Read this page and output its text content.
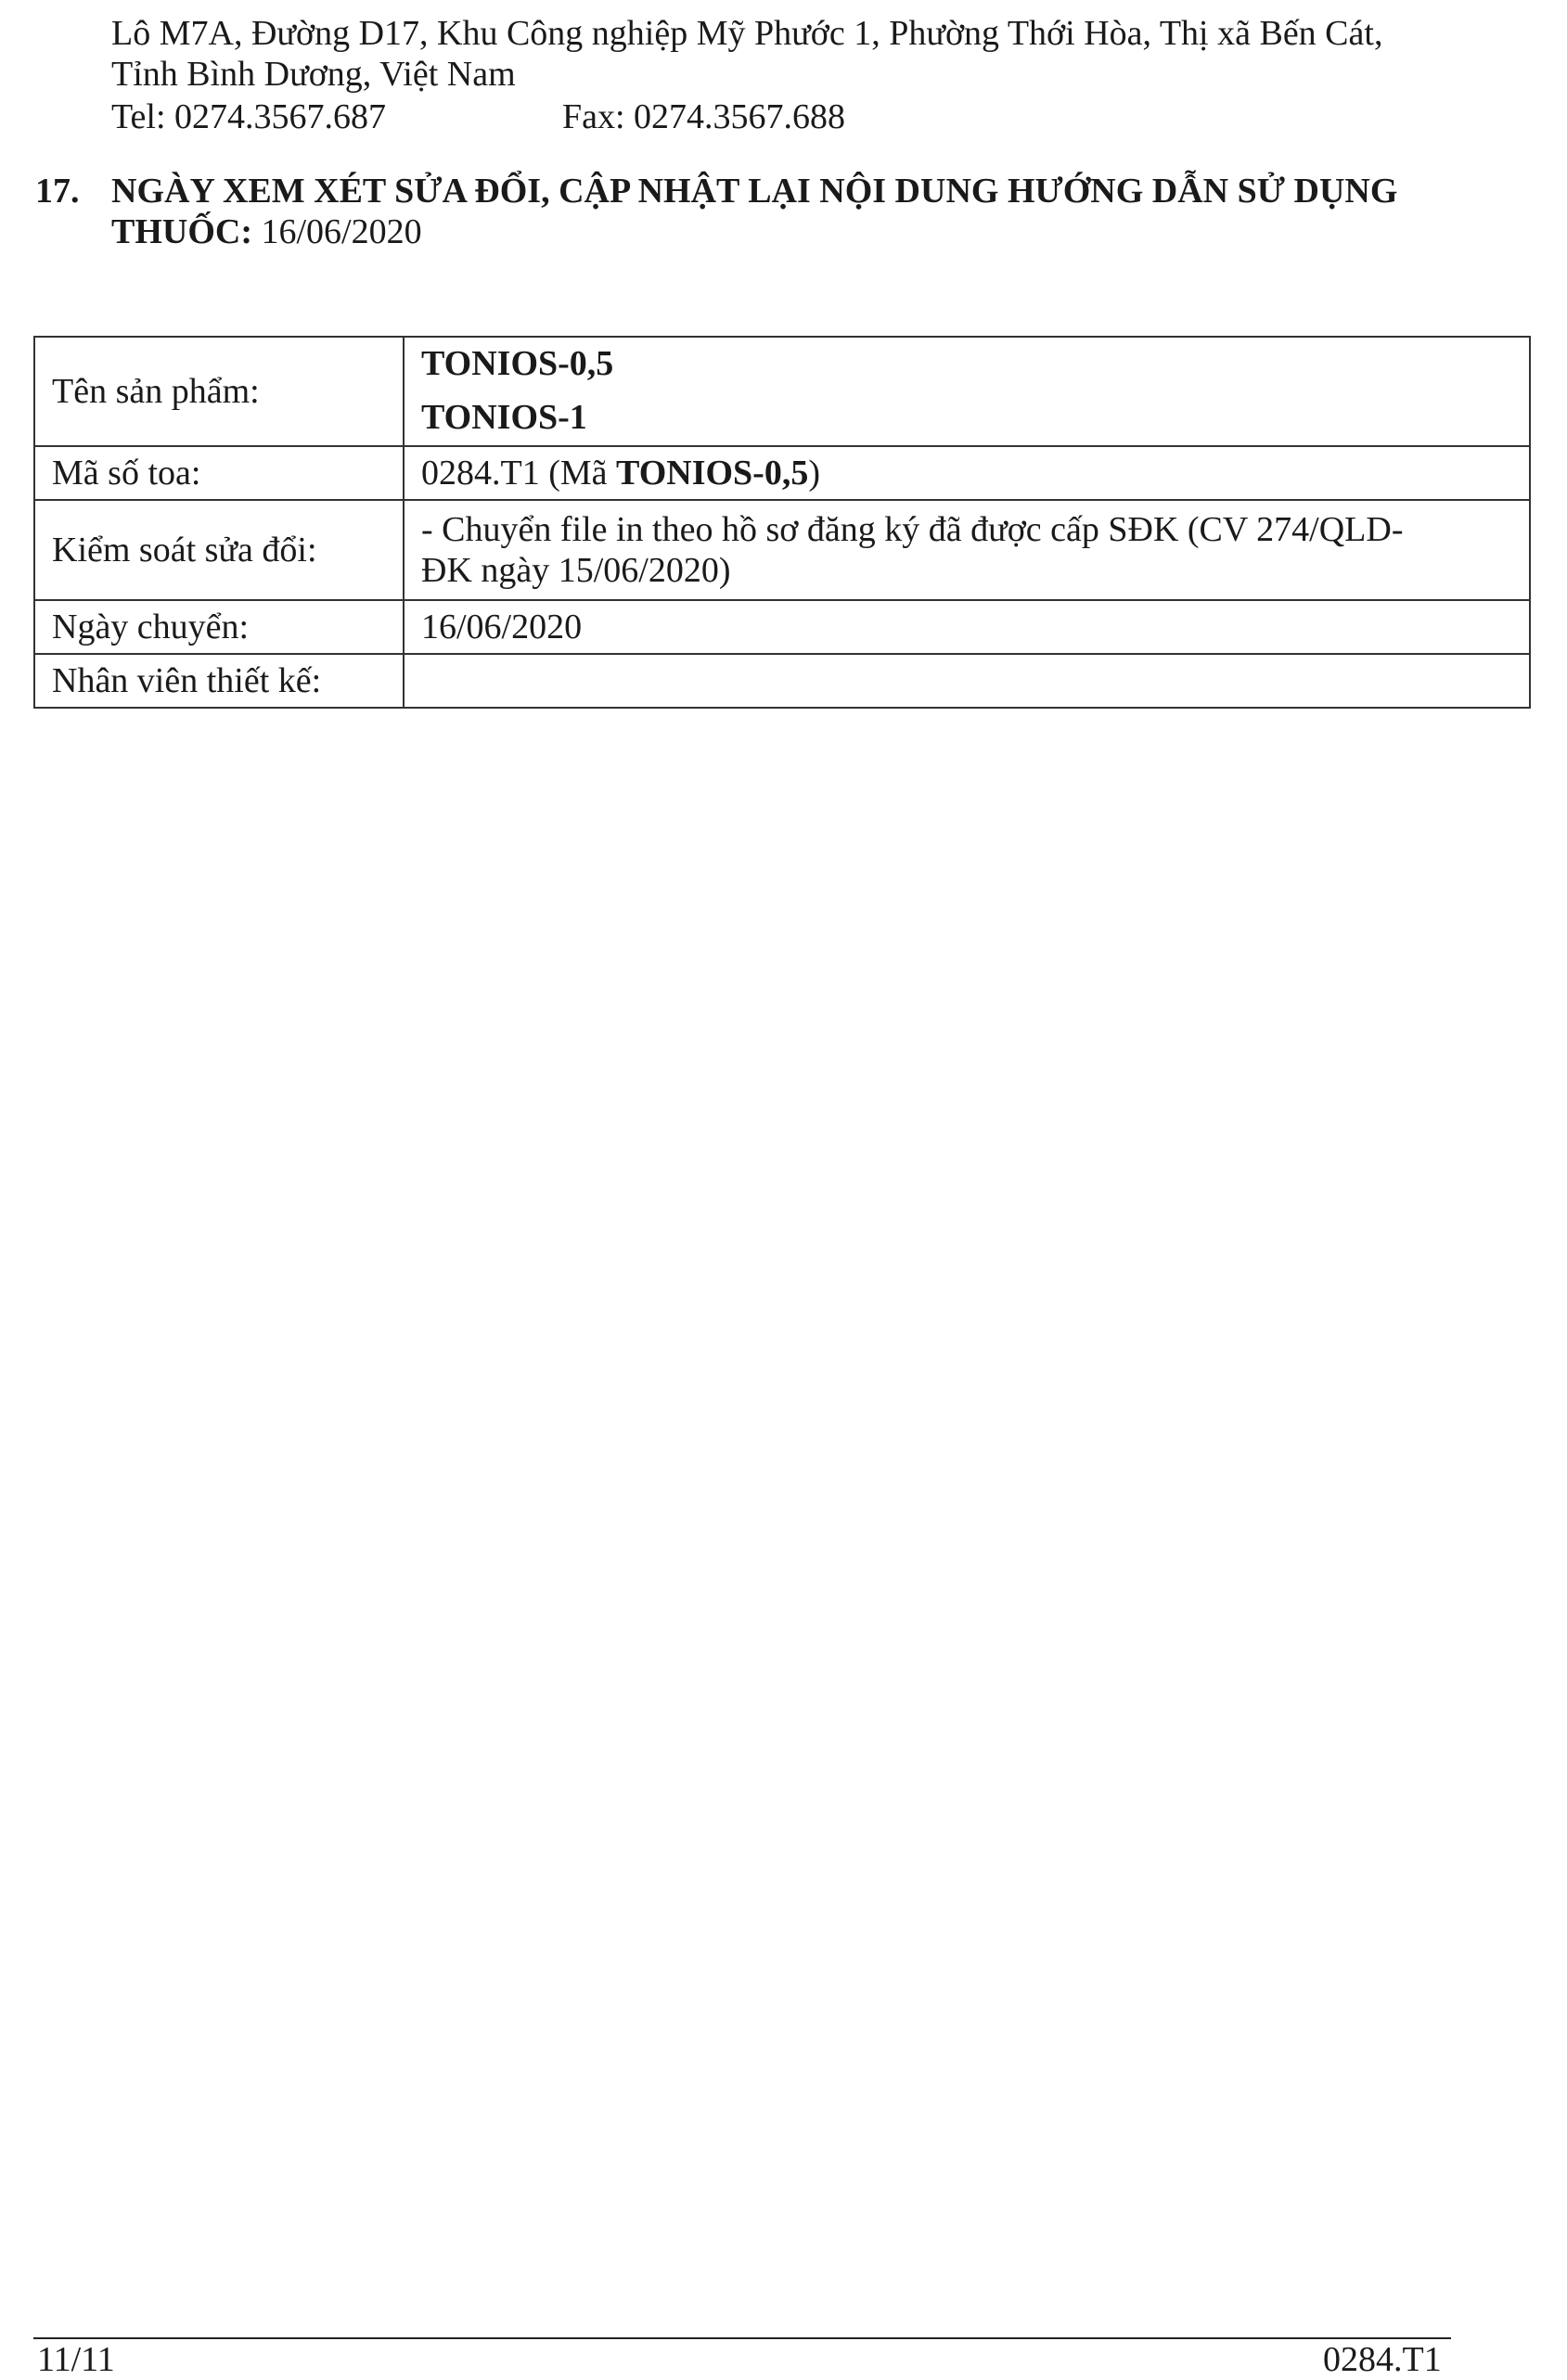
Lô M7A, Đường D17, Khu Công nghiệp Mỹ Phước 1, Phường Thới Hòa, Thị xã Bến Cát,
Tỉnh Bình Dương, Việt Nam
Tel: 0274.3567.687	Fax: 0274.3567.688
17. NGÀY XEM XÉT SỬA ĐỔI, CẬP NHẬT LẠI NỘI DUNG HƯỚNG DẪN SỬ DỤNG
THUỐC: 16/06/2020
Tên sản phẩm:	TONIOS-0,5
TONIOS-1

Mã số toa:	0284.T1 (Mã TONIOS-0,5)
Kiểm soát sửa đổi:	- Chuyển file in theo hồ sơ đăng ký đã được cấp SĐK (CV 274/QLD-
ĐK ngày 15/06/2020)

Ngày chuyển:	16/06/2020
Nhân viên thiết kế:	
11/11	0284.T1
